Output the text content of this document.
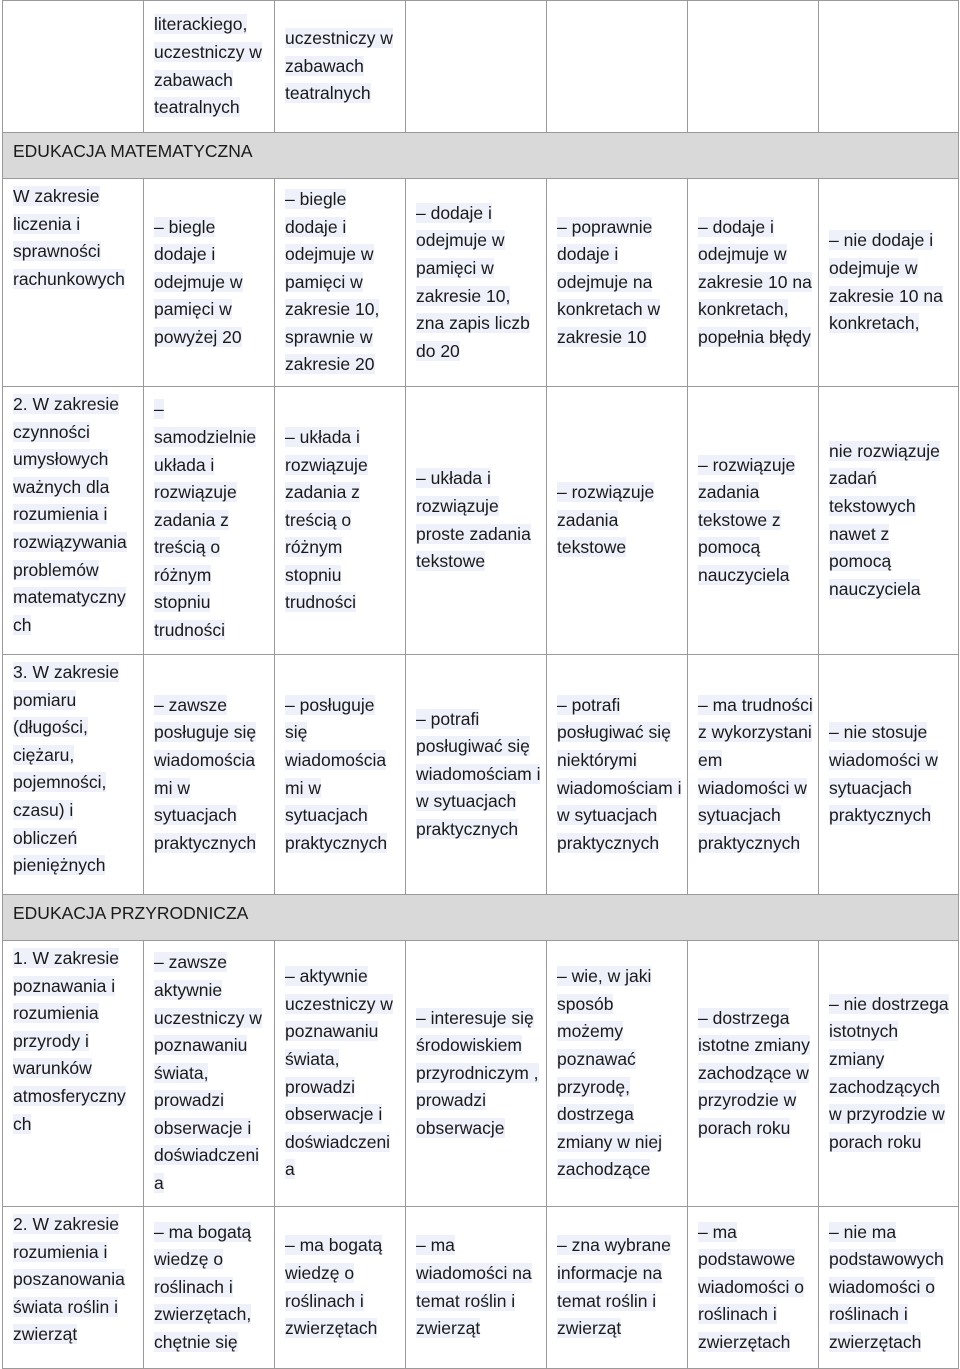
	literackiego, uczestniczy w zabawach teatralnych	uczestniczy w zabawach teatralnych				
EDUKACJA MATEMATYCZNA						
W zakresie liczenia i sprawności rachunkowych	– biegle dodaje i odejmuje w pamięci w powyżej 20	– biegle dodaje i odejmuje w pamięci w zakresie 10, sprawnie w zakresie 20	– dodaje i odejmuje w pamięci w zakresie 10, zna zapis liczb do 20	– poprawnie dodaje i odejmuje na konkretach w zakresie 10	– dodaje i odejmuje w zakresie 10 na konkretach, popełnia błędy	– nie dodaje i odejmuje w zakresie 10 na konkretach,
2. W zakresie czynności umysłowych ważnych dla rozumienia i rozwiązywania problemów matematyczny ch	– samodzielnie układa i rozwiązuje zadania z treścią o różnym stopniu trudności	– układa i rozwiązuje zadania z treścią o różnym stopniu trudności	– układa i rozwiązuje proste zadania tekstowe	– rozwiązuje zadania tekstowe	– rozwiązuje zadania tekstowe z pomocą nauczyciela	nie rozwiązuje zadań tekstowych nawet z pomocą nauczyciela
3. W zakresie pomiaru (długości, ciężaru, pojemności, czasu) i obliczeń pieniężnych	– zawsze posługuje się wiadomościa mi w sytuacjach praktycznych	– posługuje się wiadomościa mi w sytuacjach praktycznych	– potrafi posługiwać się wiadomościam i w sytuacjach praktycznych	– potrafi posługiwać się niektórymi wiadomościam i w sytuacjach praktycznych	– ma trudności z wykorzystani em wiadomości w sytuacjach praktycznych	– nie stosuje wiadomości w sytuacjach praktycznych
EDUKACJA PRZYRODNICZA						
1. W zakresie poznawania i rozumienia przyrody i warunków atmosferyczny ch	– zawsze aktywnie uczestniczy w poznawaniu świata, prowadzi obserwacje i doświadczeni a	– aktywnie uczestniczy w poznawaniu świata, prowadzi obserwacje i doświadczeni a	– interesuje się środowiskiem przyrodniczym , prowadzi obserwacje	– wie, w jaki sposób możemy poznawać przyrodę, dostrzega zmiany w niej zachodzące	– dostrzega istotne zmiany zachodzące w przyrodzie w porach roku	– nie dostrzega istotnych zmiany zachodzących w przyrodzie w porach roku
2. W zakresie rozumienia i poszanowania świata roślin i zwierząt	– ma bogatą wiedzę o roślinach i zwierzętach, chętnie się	– ma bogatą wiedzę o roślinach i zwierzętach	– ma wiadomości na temat roślin i zwierząt	– zna wybrane informacje na temat roślin i zwierząt	– ma podstawowe wiadomości o roślinach i zwierzętach	– nie ma podstawowych wiadomości o roślinach i zwierzętach
